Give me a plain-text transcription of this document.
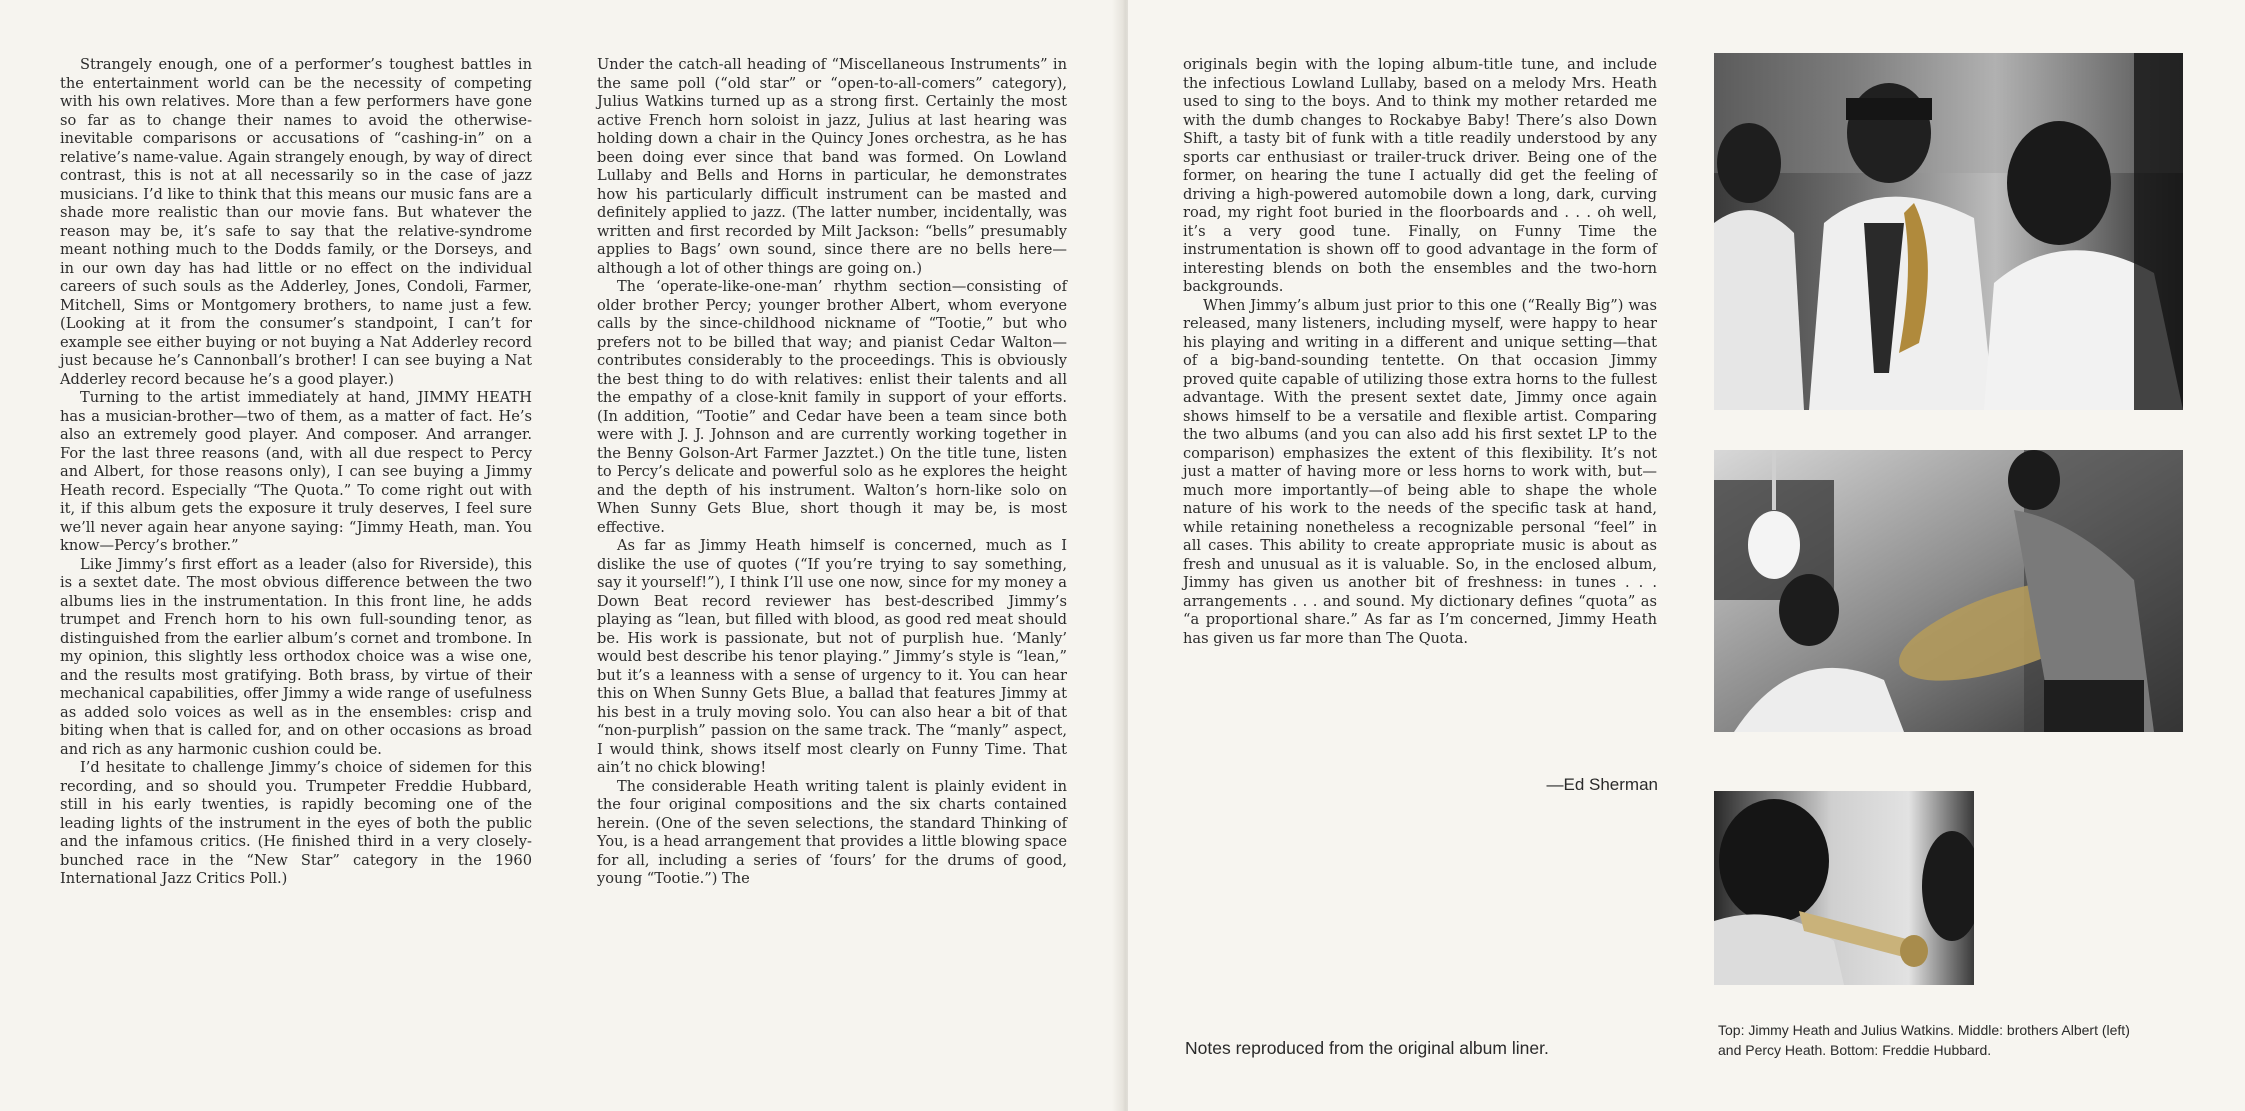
Strangely enough, one of a performer’s toughest battles in the entertainment world can be the necessity of competing with his own relatives. More than a few performers have gone so far as to change their names to avoid the otherwise-inevitable comparisons or accusations of “cashing-in” on a relative’s name-value. Again strangely enough, by way of direct contrast, this is not at all necessarily so in the case of jazz musicians. I’d like to think that this means our music fans are a shade more realistic than our movie fans. But whatever the reason may be, it’s safe to say that the relative-syndrome meant nothing much to the Dodds family, or the Dorseys, and in our own day has had little or no effect on the individual careers of such souls as the Adderley, Jones, Condoli, Farmer, Mitchell, Sims or Montgomery brothers, to name just a few. (Looking at it from the consumer’s standpoint, I can’t for example see either buying or not buying a Nat Adderley record just because he’s Cannonball’s brother! I can see buying a Nat Adderley record because he’s a good player.)

Turning to the artist immediately at hand, JIMMY HEATH has a musician-brother—two of them, as a matter of fact. He’s also an extremely good player. And composer. And arranger. For the last three reasons (and, with all due respect to Percy and Albert, for those reasons only), I can see buying a Jimmy Heath record. Especially “The Quota.” To come right out with it, if this album gets the exposure it truly deserves, I feel sure we’ll never again hear anyone saying: “Jimmy Heath, man. You know—Percy’s brother.”

Like Jimmy’s first effort as a leader (also for Riverside), this is a sextet date. The most obvious difference between the two albums lies in the instrumentation. In this front line, he adds trumpet and French horn to his own full-sounding tenor, as distinguished from the earlier album’s cornet and trombone. In my opinion, this slightly less orthodox choice was a wise one, and the results most gratifying. Both brass, by virtue of their mechanical capabilities, offer Jimmy a wide range of usefulness as added solo voices as well as in the ensembles: crisp and biting when that is called for, and on other occasions as broad and rich as any harmonic cushion could be.

I’d hesitate to challenge Jimmy’s choice of sidemen for this recording, and so should you. Trumpeter Freddie Hubbard, still in his early twenties, is rapidly becoming one of the leading lights of the instrument in the eyes of both the public and the infamous critics. (He finished third in a very closely-bunched race in the “New Star” category in the 1960 International Jazz Critics Poll.)

Under the catch-all heading of “Miscellaneous Instruments” in the same poll (“old star” or “open-to-all-comers” category), Julius Watkins turned up as a strong first. Certainly the most active French horn soloist in jazz, Julius at last hearing was holding down a chair in the Quincy Jones orchestra, as he has been doing ever since that band was formed. On Lowland Lullaby and Bells and Horns in particular, he demonstrates how his particularly difficult instrument can be masted and definitely applied to jazz. (The latter number, incidentally, was written and first recorded by Milt Jackson: “bells” presumably applies to Bags’ own sound, since there are no bells here—although a lot of other things are going on.)

The ‘operate-like-one-man’ rhythm section—consisting of older brother Percy; younger brother Albert, whom everyone calls by the since-childhood nickname of “Tootie,” but who prefers not to be billed that way; and pianist Cedar Walton—contributes considerably to the proceedings. This is obviously the best thing to do with relatives: enlist their talents and all the empathy of a close-knit family in support of your efforts. (In addition, “Tootie” and Cedar have been a team since both were with J. J. Johnson and are currently working together in the Benny Golson-Art Farmer Jazztet.) On the title tune, listen to Percy’s delicate and powerful solo as he explores the height and the depth of his instrument. Walton’s horn-like solo on When Sunny Gets Blue, short though it may be, is most effective.

As far as Jimmy Heath himself is concerned, much as I dislike the use of quotes (“If you’re trying to say something, say it yourself!”), I think I’ll use one now, since for my money a Down Beat record reviewer has best-described Jimmy’s playing as “lean, but filled with blood, as good red meat should be. His work is passionate, but not of purplish hue. ‘Manly’ would best describe his tenor playing.” Jimmy’s style is “lean,” but it’s a leanness with a sense of urgency to it. You can hear this on When Sunny Gets Blue, a ballad that features Jimmy at his best in a truly moving solo. You can also hear a bit of that “non-purplish” passion on the same track. The “manly” aspect, I would think, shows itself most clearly on Funny Time. That ain’t no chick blowing!

The considerable Heath writing talent is plainly evident in the four original compositions and the six charts contained herein. (One of the seven selections, the standard Thinking of You, is a head arrangement that provides a little blowing space for all, including a series of ‘fours’ for the drums of good, young “Tootie.”) The

originals begin with the loping album-title tune, and include the infectious Lowland Lullaby, based on a melody Mrs. Heath used to sing to the boys. And to think my mother retarded me with the dumb changes to Rockabye Baby! There’s also Down Shift, a tasty bit of funk with a title readily understood by any sports car enthusiast or trailer-truck driver. Being one of the former, on hearing the tune I actually did get the feeling of driving a high-powered automobile down a long, dark, curving road, my right foot buried in the floorboards and . . . oh well, it’s a very good tune. Finally, on Funny Time the instrumentation is shown off to good advantage in the form of interesting blends on both the ensembles and the two-horn backgrounds.

When Jimmy’s album just prior to this one (“Really Big”) was released, many listeners, including myself, were happy to hear his playing and writing in a different and unique setting—that of a big-band-sounding tentette. On that occasion Jimmy proved quite capable of utilizing those extra horns to the fullest advantage. With the present sextet date, Jimmy once again shows himself to be a versatile and flexible artist. Comparing the two albums (and you can also add his first sextet LP to the comparison) emphasizes the extent of this flexibility. It’s not just a matter of having more or less horns to work with, but—much more importantly—of being able to shape the whole nature of his work to the needs of the specific task at hand, while retaining nonetheless a recognizable personal “feel” in all cases. This ability to create appropriate music is about as fresh and unusual as it is valuable. So, in the enclosed album, Jimmy has given us another bit of freshness: in tunes . . . arrangements . . . and sound. My dictionary defines “quota” as “a proportional share.” As far as I’m concerned, Jimmy Heath has given us far more than The Quota.

—Ed Sherman
Notes reproduced from the original album liner.
Top: Jimmy Heath and Julius Watkins. Middle: brothers Albert (left) and Percy Heath. Bottom: Freddie Hubbard.
